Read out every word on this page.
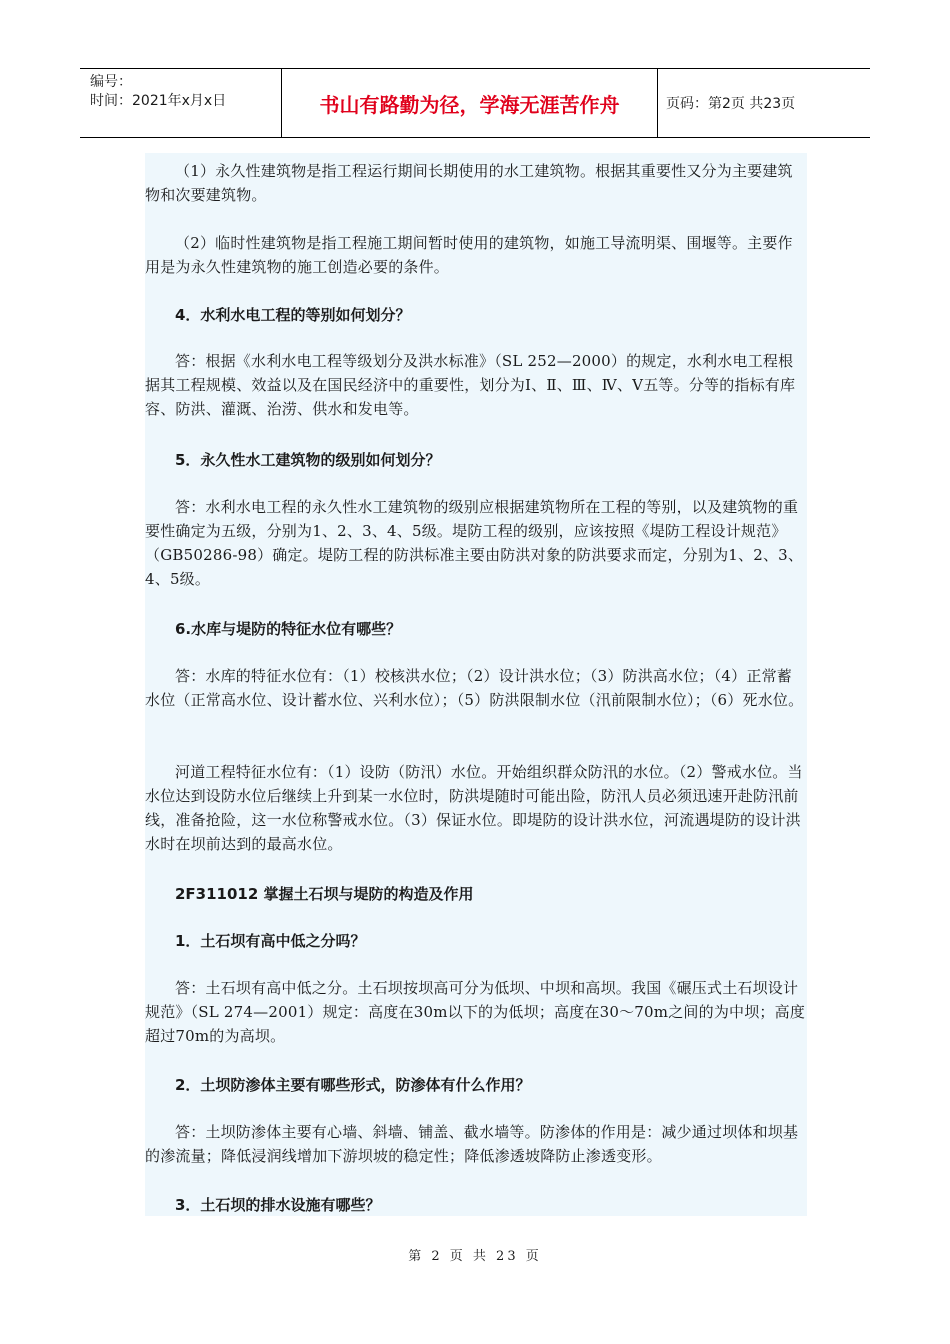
编号：
时间：2021年x月x日	书山有路勤为径，学海无涯苦作舟	页码：第2页 共23页

（1）永久性建筑物是指工程运行期间长期使用的水工建筑物。根据其重要性又分为主要建筑物和次要建筑物。

（2）临时性建筑物是指工程施工期间暂时使用的建筑物，如施工导流明渠、围堰等。主要作用是为永久性建筑物的施工创造必要的条件。

4．水利水电工程的等别如何划分？

答：根据《水利水电工程等级划分及洪水标准》（SL 252—2000）的规定，水利水电工程根据其工程规模、效益以及在国民经济中的重要性，划分为Ⅰ、Ⅱ、Ⅲ、Ⅳ、Ⅴ五等。分等的指标有库容、防洪、灌溉、治涝、供水和发电等。

5．永久性水工建筑物的级别如何划分？

答：水利水电工程的永久性水工建筑物的级别应根据建筑物所在工程的等别，以及建筑物的重要性确定为五级，分别为1、2、3、4、5级。堤防工程的级别，应该按照《堤防工程设计规范》（GB50286-98）确定。堤防工程的防洪标准主要由防洪对象的防洪要求而定，分别为1、2、3、4、5级。

6.水库与堤防的特征水位有哪些？

答：水库的特征水位有：（1）校核洪水位；（2）设计洪水位；（3）防洪高水位；（4）正常蓄水位（正常高水位、设计蓄水位、兴利水位）；（5）防洪限制水位（汛前限制水位）；（6）死水位。

河道工程特征水位有：（1）设防（防汛）水位。开始组织群众防汛的水位。（2）警戒水位。当水位达到设防水位后继续上升到某一水位时，防洪堤随时可能出险，防汛人员必须迅速开赴防汛前线，准备抢险，这一水位称警戒水位。（3）保证水位。即堤防的设计洪水位，河流遇堤防的设计洪水时在坝前达到的最高水位。

2F311012 掌握土石坝与堤防的构造及作用

1．土石坝有高中低之分吗？

答：土石坝有高中低之分。土石坝按坝高可分为低坝、中坝和高坝。我国《碾压式土石坝设计规范》（SL 274—2001）规定：高度在30m以下的为低坝；高度在30～70m之间的为中坝；高度超过70m的为高坝。

2．土坝防渗体主要有哪些形式，防渗体有什么作用？

答：土坝防渗体主要有心墙、斜墙、铺盖、截水墙等。防渗体的作用是：减少通过坝体和坝基的渗流量；降低浸润线增加下游坝坡的稳定性；降低渗透坡降防止渗透变形。

3．土石坝的排水设施有哪些？

第 2 页 共 23 页
